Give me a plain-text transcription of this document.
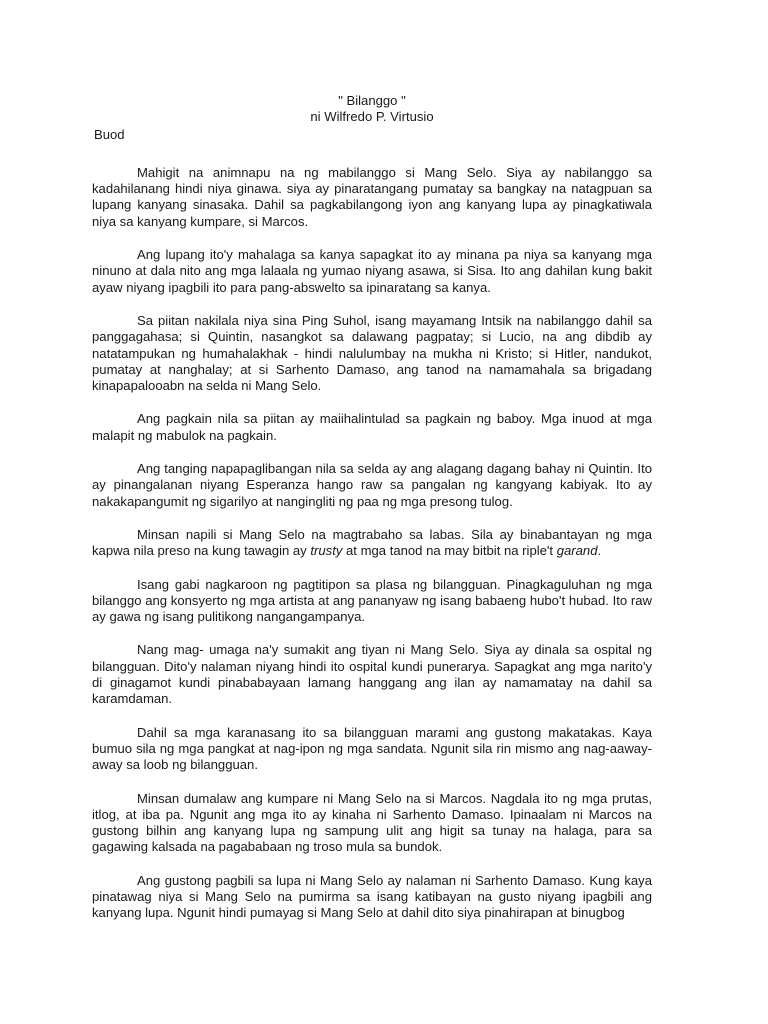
" Bilanggo "
ni Wilfredo P. Virtusio
Buod

Mahigit na animnapu na ng mabilanggo si Mang Selo. Siya ay nabilanggo sa kadahilanang hindi niya ginawa. siya ay pinaratangang pumatay sa bangkay na natagpuan sa lupang kanyang sinasaka. Dahil sa pagkabilangong iyon ang kanyang lupa ay pinagkatiwala niya sa kanyang kumpare, si Marcos.

Ang lupang ito'y mahalaga sa kanya sapagkat ito ay minana pa niya sa kanyang mga ninuno at dala nito ang mga lalaala ng yumao niyang asawa, si Sisa. Ito ang dahilan kung bakit ayaw niyang ipagbili ito para pang-abswelto sa ipinaratang sa kanya.

Sa piitan nakilala niya sina Ping Suhol, isang mayamang Intsik na nabilanggo dahil sa panggagahasa; si Quintin, nasangkot sa dalawang pagpatay; si Lucio, na ang dibdib ay natatampukan ng humahalakhak - hindi nalulumbay na mukha ni Kristo; si Hitler, nandukot, pumatay at nanghalay; at si Sarhento Damaso, ang tanod na namamahala sa brigadang kinapapalooabn na selda ni Mang Selo.

Ang pagkain nila sa piitan ay maiihalintulad sa pagkain ng baboy. Mga inuod at mga malapit ng mabulok na pagkain.

Ang tanging napapaglibangan nila sa selda ay ang alagang dagang bahay ni Quintin. Ito ay pinangalanan niyang Esperanza hango raw sa pangalan ng kangyang kabiyak. Ito ay nakakapangumit ng sigarilyo at nangingliti ng paa ng mga presong tulog.

Minsan napili si Mang Selo na magtrabaho sa labas. Sila ay binabantayan ng mga kapwa nila preso na kung tawagin ay trusty at mga tanod na may bitbit na riple't garand.

Isang gabi nagkaroon ng pagtitipon sa plasa ng bilangguan. Pinagkaguluhan ng mga bilanggo ang konsyerto ng mga artista at ang pananyaw ng isang babaeng hubo't hubad. Ito raw ay gawa ng isang pulitikong nangangampanya.

Nang mag- umaga na'y sumakit ang tiyan ni Mang Selo. Siya ay dinala sa ospital ng bilangguan. Dito'y nalaman niyang hindi ito ospital kundi punerarya. Sapagkat ang mga narito'y di ginagamot kundi pinababayaan lamang hanggang ang ilan ay namamatay na dahil sa karamdaman.

Dahil sa mga karanasang ito sa bilangguan marami ang gustong makatakas. Kaya bumuo sila ng mga pangkat at nag-ipon ng mga sandata. Ngunit sila rin mismo ang nag-aaway-away sa loob ng bilangguan.

Minsan dumalaw ang kumpare ni Mang Selo na si Marcos. Nagdala ito ng mga prutas, itlog, at iba pa. Ngunit ang mga ito ay kinaha ni Sarhento Damaso. Ipinaalam ni Marcos na gustong bilhin ang kanyang lupa ng sampung ulit ang higit sa tunay na halaga, para sa gagawing kalsada na pagababaan ng troso mula sa bundok.

Ang gustong pagbili sa lupa ni Mang Selo ay nalaman ni Sarhento Damaso. Kung kaya pinatawag niya si Mang Selo na pumirma sa isang katibayan na gusto niyang ipagbili ang kanyang lupa. Ngunit hindi pumayag si Mang Selo at dahil dito siya pinahirapan at binugbog
